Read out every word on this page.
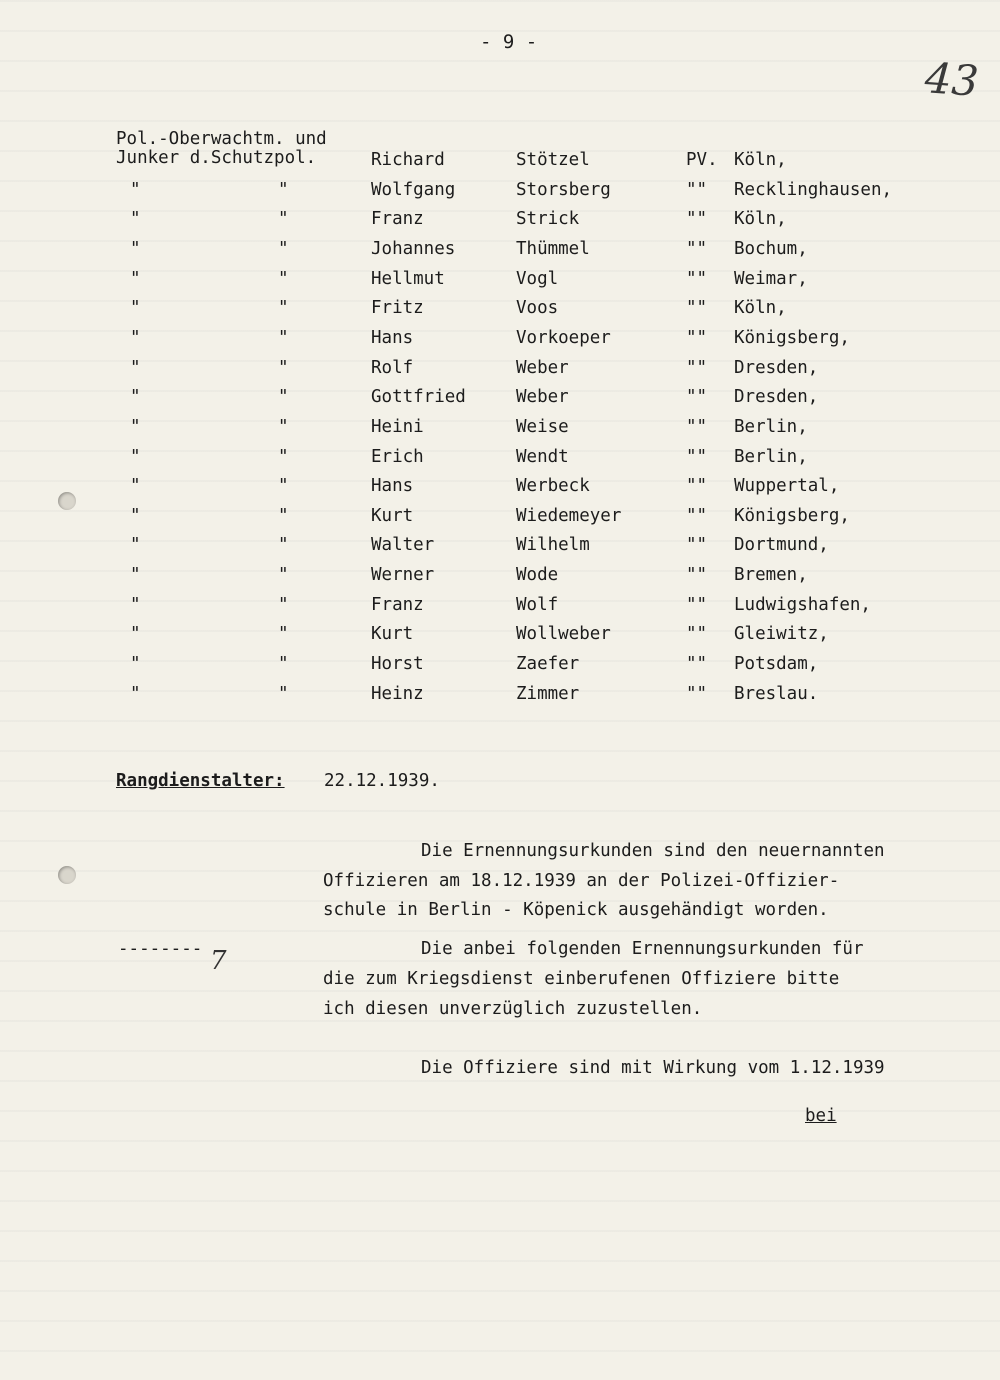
- 9 -
43
Pol.-Oberwachtm. und
Junker d.Schutzpol.	Richard	Stötzel	PV. Köln,
"	"	Wolfgang	Storsberg	"" Recklinghausen,
"	"	Franz	Strick	"" Köln,
"	"	Johannes	Thümmel	"" Bochum,
"	"	Hellmut	Vogl	"" Weimar,
"	"	Fritz	Voos	"" Köln,
"	"	Hans	Vorkoeper	"" Königsberg,
"	"	Rolf	Weber	"" Dresden,
"	"	Gottfried	Weber	"" Dresden,
"	"	Heini	Weise	"" Berlin,
"	"	Erich	Wendt	"" Berlin,
"	"	Hans	Werbeck	"" Wuppertal,
"	"	Kurt	Wiedemeyer	"" Königsberg,
"	"	Walter	Wilhelm	"" Dortmund,
"	"	Werner	Wode	"" Bremen,
"	"	Franz	Wolf	"" Ludwigshafen,
"	"	Kurt	Wollweber	"" Gleiwitz,
"	"	Horst	Zaefer	"" Potsdam,
"	"	Heinz	Zimmer	"" Breslau.
Rangdienstalter: 22.12.1939.
Die Ernennungsurkunden sind den neuernannten
Offizieren am 18.12.1939 an der Polizei-Offizier-
schule in Berlin - Köpenick ausgehändigt worden.
-------- 7	Die anbei folgenden Ernennungsurkunden für
die zum Kriegsdienst einberufenen Offiziere bitte
ich diesen unverzüglich zuzustellen.
Die Offiziere sind mit Wirkung vom 1.12.1939
bei
